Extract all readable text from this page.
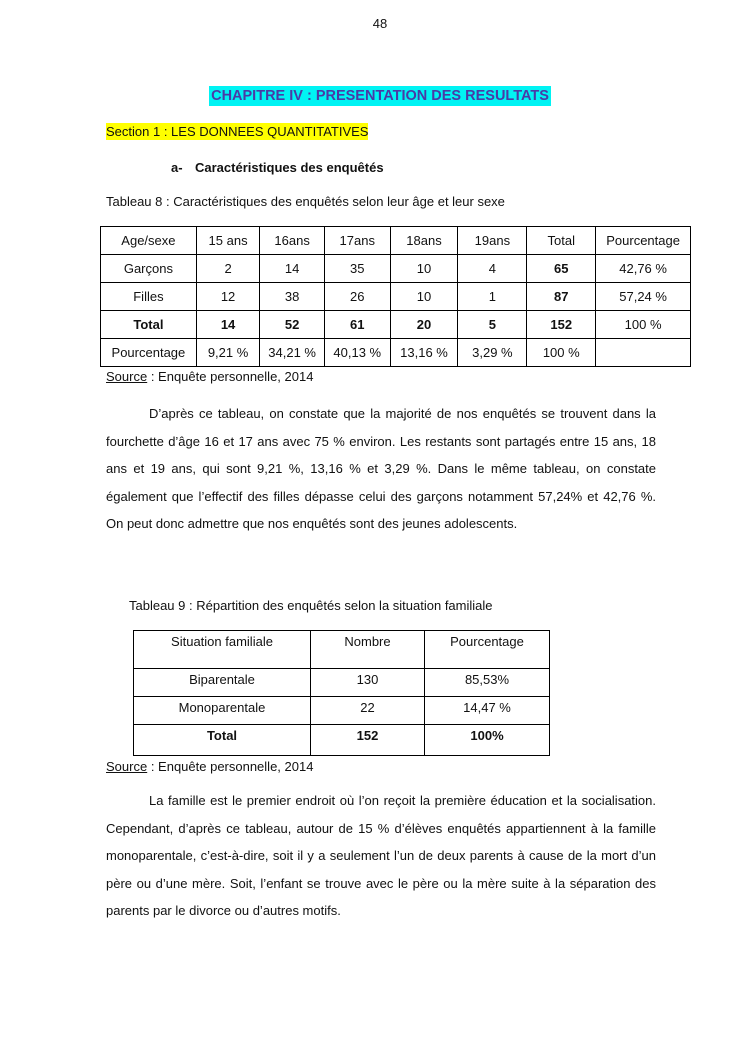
48
CHAPITRE IV : PRESENTATION DES RESULTATS
Section 1 : LES DONNEES QUANTITATIVES
a- Caractéristiques des enquêtés
Tableau 8 : Caractéristiques des enquêtés selon leur âge et leur sexe
Age/sexe	15 ans	16ans	17ans	18ans	19ans	Total	Pourcentage
Garçons	2	14	35	10	4	65	42,76 %
Filles	12	38	26	10	1	87	57,24 %
Total	14	52	61	20	5	152	100 %
Pourcentage	9,21 %	34,21 %	40,13 %	13,16 %	3,29 %	100 %	
Source : Enquête personnelle, 2014
D’après ce tableau, on constate que la majorité de nos enquêtés se trouvent dans la fourchette d’âge 16 et 17 ans avec 75 % environ. Les restants sont partagés entre 15 ans, 18 ans et 19 ans, qui sont 9,21 %, 13,16 % et 3,29 %. Dans le même tableau, on constate également que l’effectif des filles dépasse celui des garçons notamment 57,24% et 42,76 %. On peut donc admettre que nos enquêtés sont des jeunes adolescents.
Tableau 9 : Répartition des enquêtés selon la situation familiale
Situation familiale	Nombre	Pourcentage
Biparentale	130	85,53%
Monoparentale	22	14,47 %
Total	152	100%
Source : Enquête personnelle, 2014
La famille est le premier endroit où l’on reçoit la première éducation et la socialisation. Cependant, d’après ce tableau, autour de 15 % d’élèves enquêtés appartiennent à la famille monoparentale, c’est-à-dire, soit il y a seulement l’un de deux parents à cause de la mort d’un père ou d’une mère. Soit, l’enfant se trouve avec le père ou la mère suite à la séparation des parents par le divorce ou d’autres motifs.
